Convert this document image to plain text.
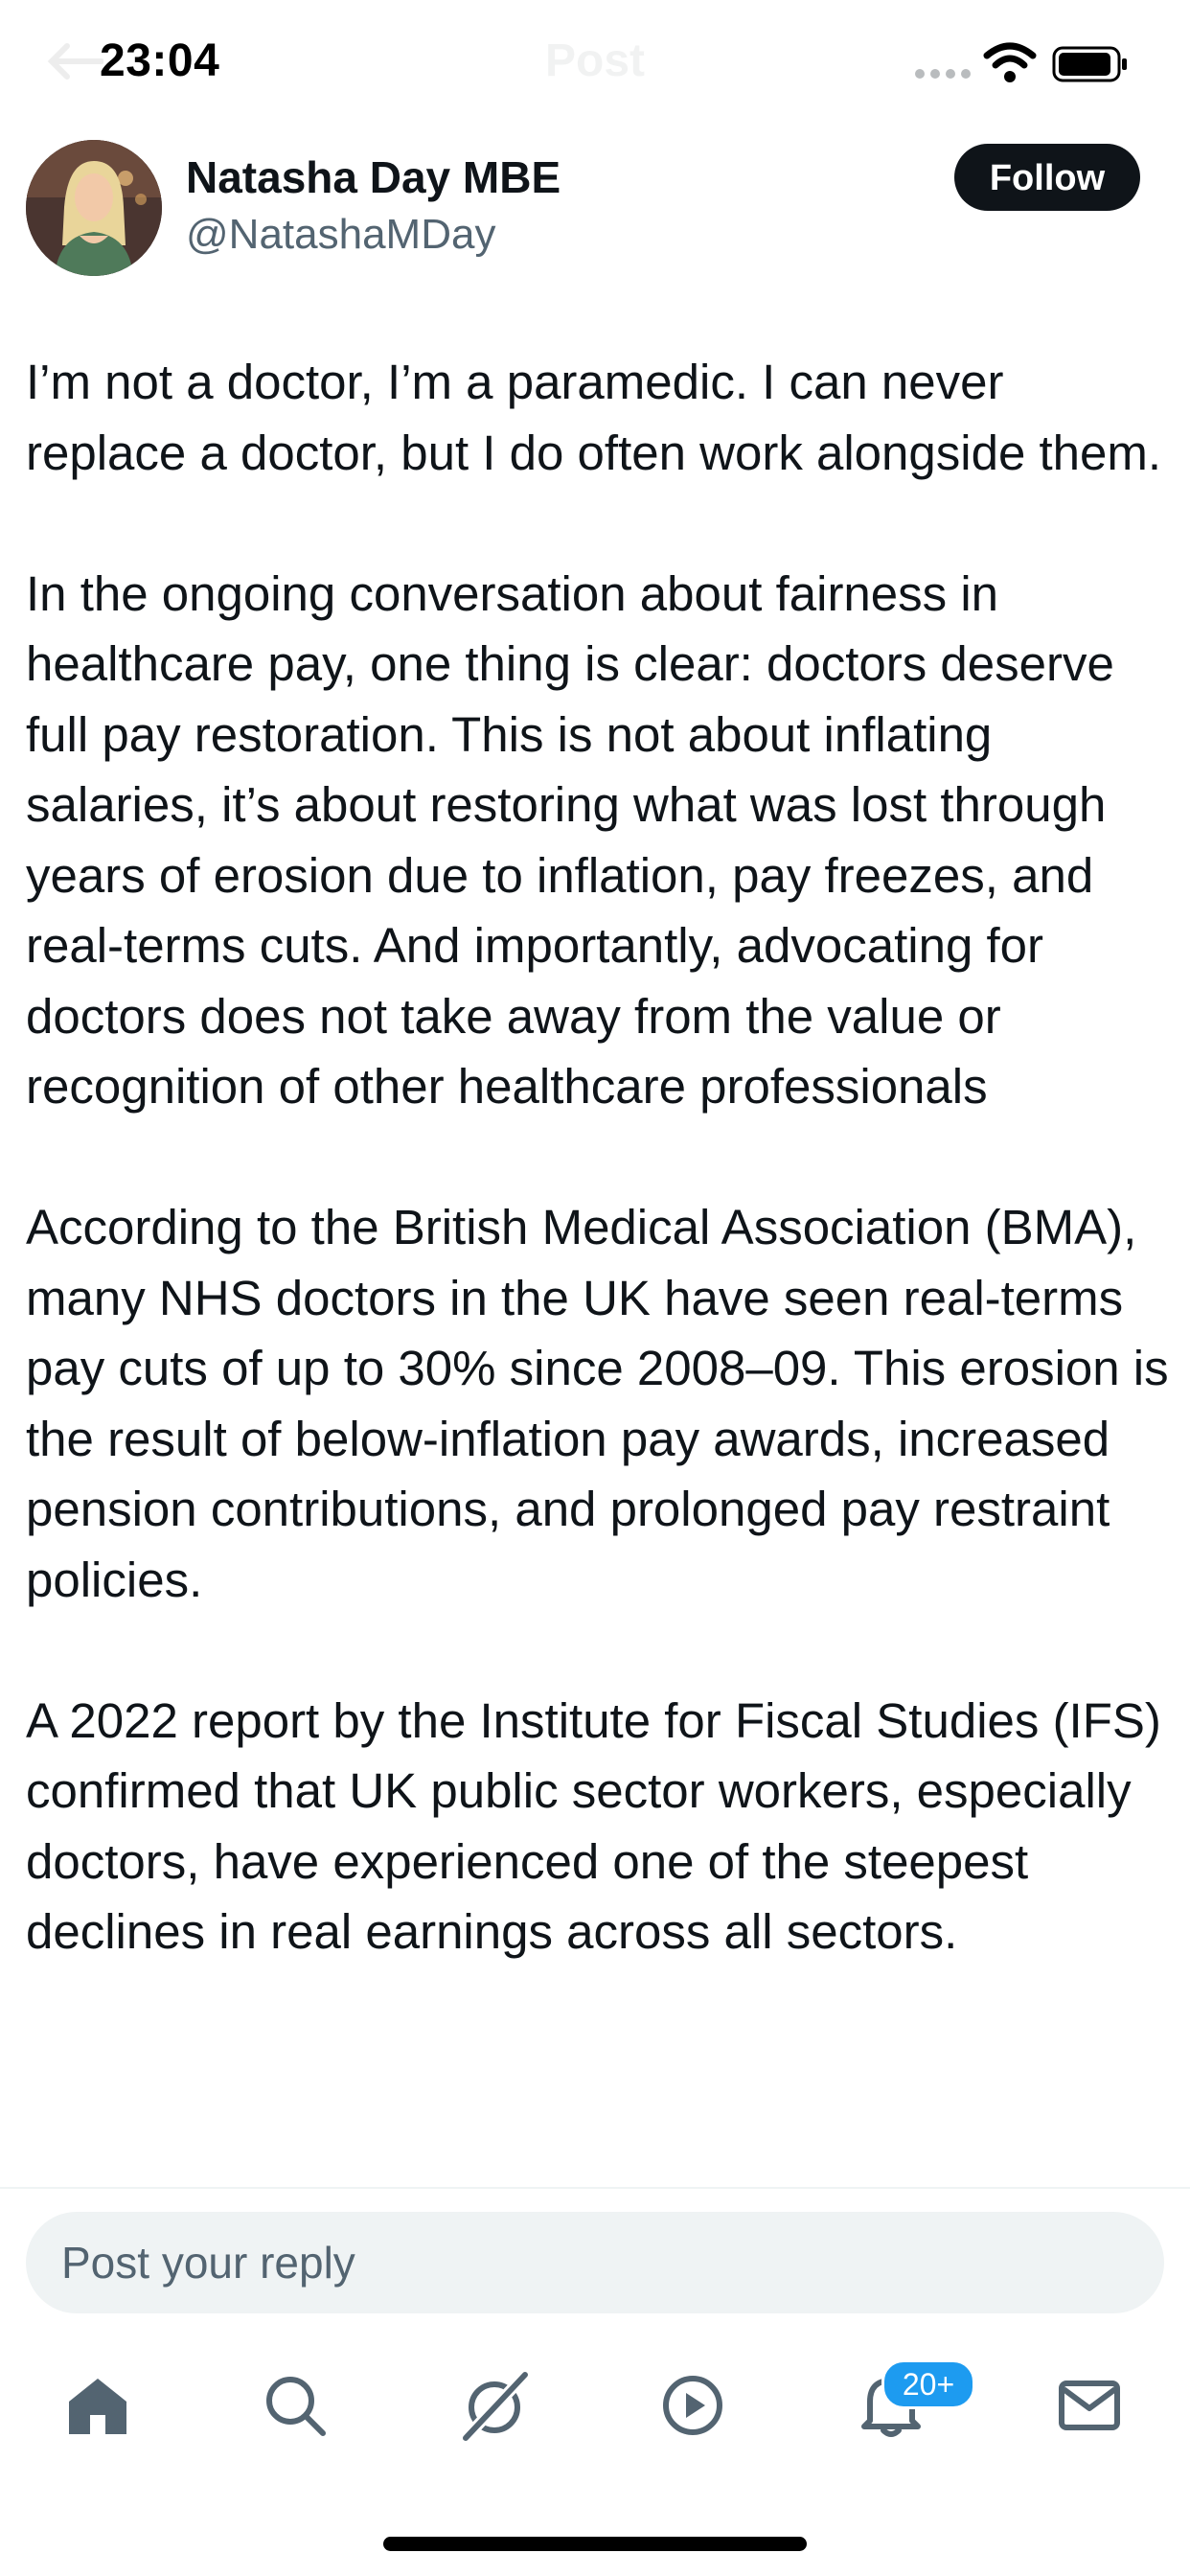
23:04	Post
Natasha Day MBE
@NatashaMDay
Follow

I’m not a doctor, I’m a paramedic. I can never replace a doctor, but I do often work alongside them.

In the ongoing conversation about fairness in healthcare pay, one thing is clear: doctors deserve full pay restoration. This is not about inflating salaries, it’s about restoring what was lost through years of erosion due to inflation, pay freezes, and real-terms cuts. And importantly, advocating for doctors does not take away from the value or recognition of other healthcare professionals

According to the British Medical Association (BMA), many NHS doctors in the UK have seen real-terms pay cuts of up to 30% since 2008–09. This erosion is the result of below-inflation pay awards, increased pension contributions, and prolonged pay restraint policies.

A 2022 report by the Institute for Fiscal Studies (IFS) confirmed that UK public sector workers, especially doctors, have experienced one of the steepest declines in real earnings across all sectors.

Post your reply
20+
